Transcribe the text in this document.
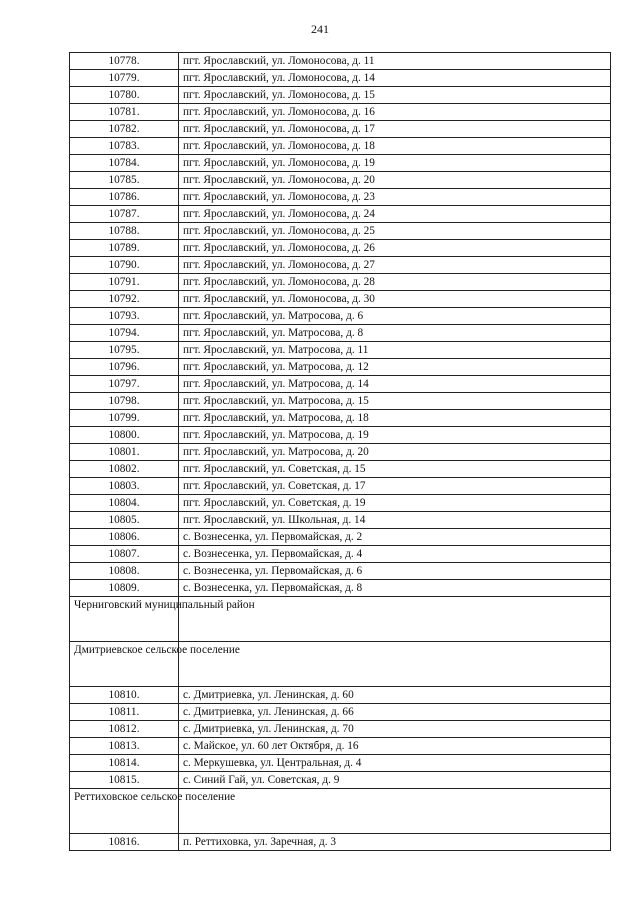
241
10778.	пгт. Ярославский, ул. Ломоносова, д. 11
10779.	пгт. Ярославский, ул. Ломоносова, д. 14
10780.	пгт. Ярославский, ул. Ломоносова, д. 15
10781.	пгт. Ярославский, ул. Ломоносова, д. 16
10782.	пгт. Ярославский, ул. Ломоносова, д. 17
10783.	пгт. Ярославский, ул. Ломоносова, д. 18
10784.	пгт. Ярославский, ул. Ломоносова, д. 19
10785.	пгт. Ярославский, ул. Ломоносова, д. 20
10786.	пгт. Ярославский, ул. Ломоносова, д. 23
10787.	пгт. Ярославский, ул. Ломоносова, д. 24
10788.	пгт. Ярославский, ул. Ломоносова, д. 25
10789.	пгт. Ярославский, ул. Ломоносова, д. 26
10790.	пгт. Ярославский, ул. Ломоносова, д. 27
10791.	пгт. Ярославский, ул. Ломоносова, д. 28
10792.	пгт. Ярославский, ул. Ломоносова, д. 30
10793.	пгт. Ярославский, ул. Матросова, д. 6
10794.	пгт. Ярославский, ул. Матросова, д. 8
10795.	пгт. Ярославский, ул. Матросова, д. 11
10796.	пгт. Ярославский, ул. Матросова, д. 12
10797.	пгт. Ярославский, ул. Матросова, д. 14
10798.	пгт. Ярославский, ул. Матросова, д. 15
10799.	пгт. Ярославский, ул. Матросова, д. 18
10800.	пгт. Ярославский, ул. Матросова, д. 19
10801.	пгт. Ярославский, ул. Матросова, д. 20
10802.	пгт. Ярославский, ул. Советская, д. 15
10803.	пгт. Ярославский, ул. Советская, д. 17
10804.	пгт. Ярославский, ул. Советская, д. 19
10805.	пгт. Ярославский, ул. Школьная, д. 14
10806.	с. Вознесенка, ул. Первомайская, д. 2
10807.	с. Вознесенка, ул. Первомайская, д. 4
10808.	с. Вознесенка, ул. Первомайская, д. 6
10809.	с. Вознесенка, ул. Первомайская, д. 8
Черниговский муниципальный район	
Дмитриевское сельское поселение	
10810.	с. Дмитриевка, ул. Ленинская, д. 60
10811.	с. Дмитриевка, ул. Ленинская, д. 66
10812.	с. Дмитриевка, ул. Ленинская, д. 70
10813.	с. Майское, ул. 60 лет Октября, д. 16
10814.	с. Меркушевка, ул. Центральная, д. 4
10815.	с. Синий Гай, ул. Советская, д. 9
Реттиховское сельское поселение	
10816.	п. Реттиховка, ул. Заречная, д. 3
